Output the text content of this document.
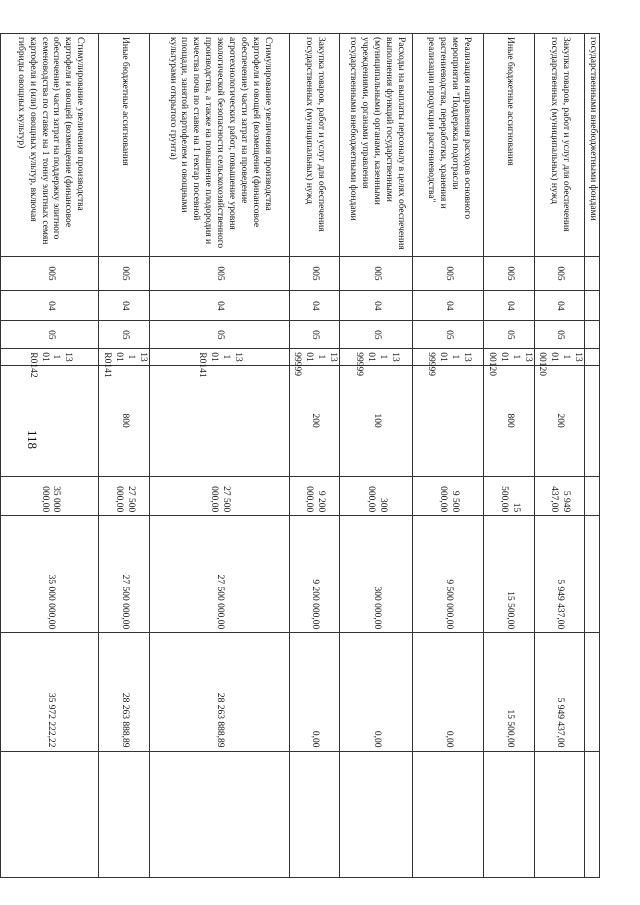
118
государственными внебюджетными фондами									
Закупка товаров, работ и услуг для обеспечения государственных (муниципальных) нужд	005	04	05	13 1 01 00120	200	5 949 437,00	5 949 437,00	5 949 437,00	
Иные бюджетные ассигнования	005	04	05	13 1 01 00120	800	15 500,00	15 500,00	15 500,00	
Реализация направления расходов основного мероприятия "Поддержка подотрасли растениеводства, переработки, хранения и реализации продукции растениеводства"	005	04	05	13 1 01 99999		9 500 000,00	9 500 000,00	0,00	
Расходы на выплаты персоналу в целях обеспечения выполнения функций государственными (муниципальными) органами, казенными учреждениями, органами управления государственными внебюджетными фондами	005	04	05	13 1 01 99999	100	300 000,00	300 000,00	0,00	
Закупка товаров, работ и услуг для обеспечения государственных (муниципальных) нужд	005	04	05	13 1 01 99999	200	9 200 000,00	9 200 000,00	0,00	
Стимулирование увеличения производства картофеля и овощей (возмещение (финансовое обеспечение) части затрат на проведение агротехнологических работ, повышение уровня экологической безопасности сельскохозяйственного производства, а также на повышение плодородия и качества почв по ставке на 1 гектар посевной площади, занятой картофелем и овощными культурами открытого грунта)	005	04	05	13 1 01 R0141		27 500 000,00	27 500 000,00	28 263 888,89	
Иные бюджетные ассигнования	005	04	05	13 1 01 R0141	800	27 500 000,00	27 500 000,00	28 263 888,89	
Стимулирование увеличения производства картофеля и овощей (возмещение (финансовое обеспечение) части затрат на поддержку элитного семеноводства по ставке на 1 тонну элитных семян картофеля и (или) овощных культур, включая гибриды овощных культур)	005	04	05	13 1 01 R0142		35 000 000,00	35 000 000,00	35 972 222,22	
